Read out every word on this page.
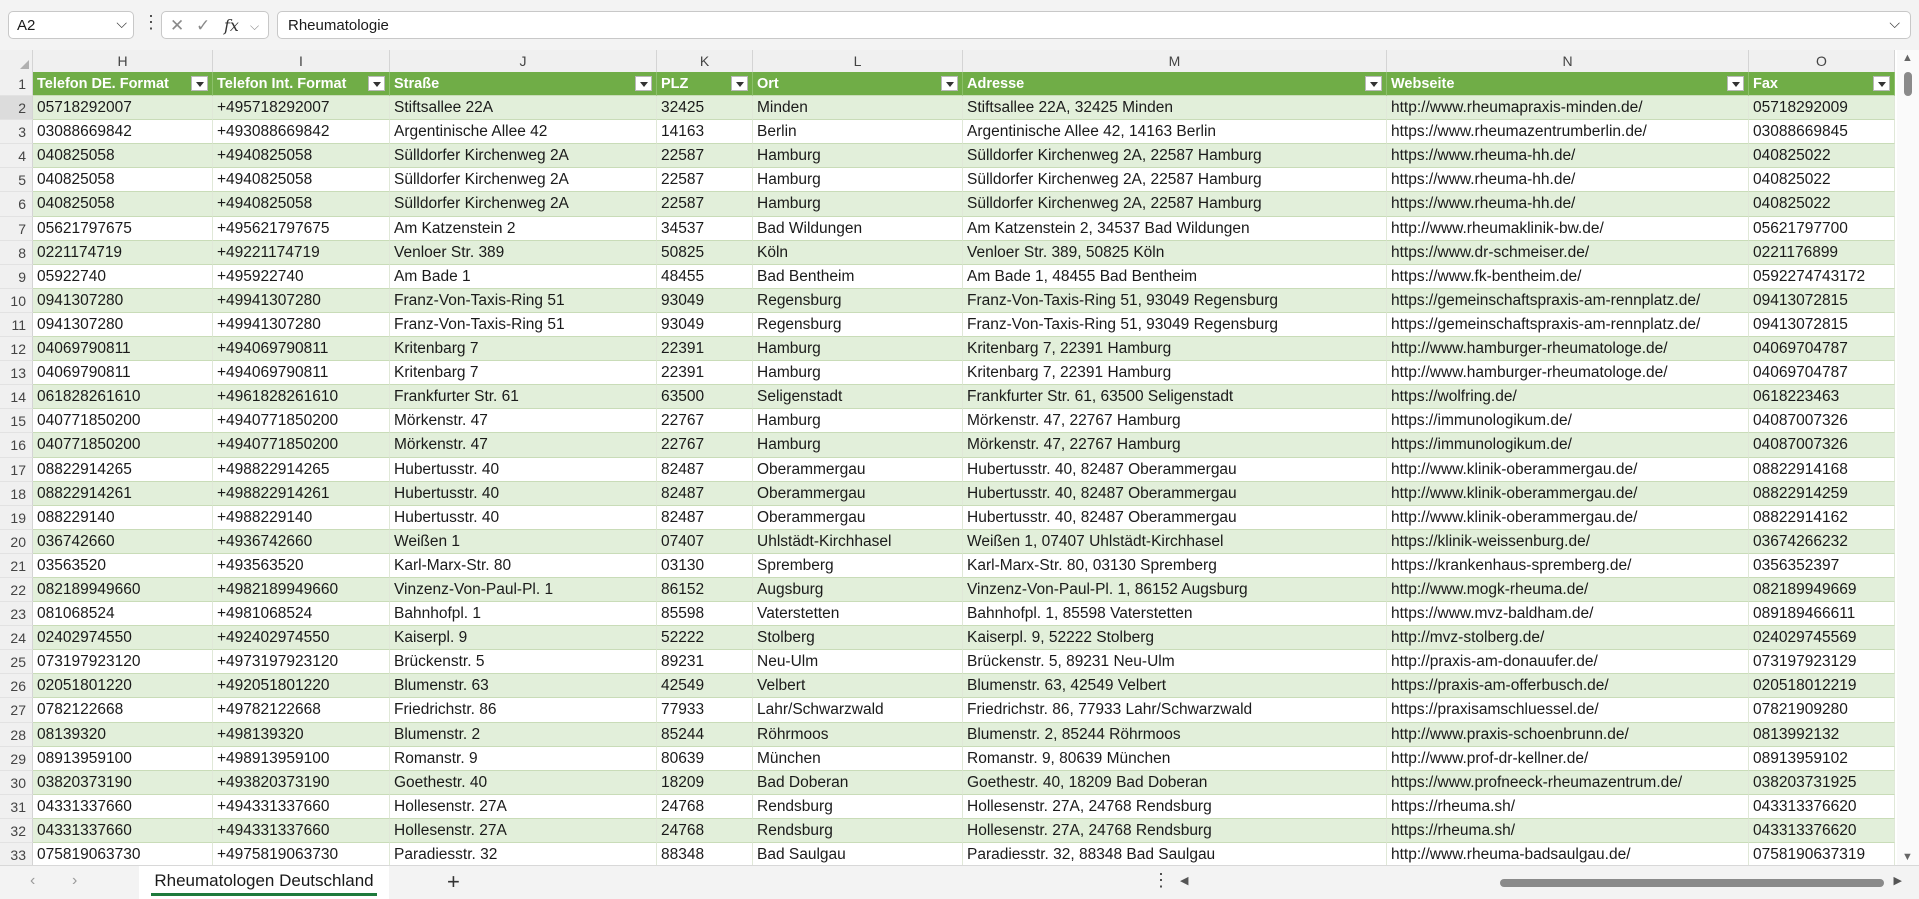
A2	⌵ ⋮ ✕ ✓ fx ⌵ Rheumatologie	⌵
H	I	J	K	L	M	N	O
1 Telefon DE. Format	Telefon Int. Format	Straße	PLZ	Ort	Adresse	Webseite	Fax
2 05718292007	+495718292007	Stiftsallee 22A	32425	Minden	Stiftsallee 22A, 32425 Minden	http://www.rheumapraxis-minden.de/	05718292009
3 03088669842	+493088669842	Argentinische Allee 42	14163	Berlin	Argentinische Allee 42, 14163 Berlin	https://www.rheumazentrumberlin.de/	03088669845
4 040825058	+4940825058	Sülldorfer Kirchenweg 2A	22587	Hamburg	Sülldorfer Kirchenweg 2A, 22587 Hamburg	https://www.rheuma-hh.de/	040825022
5 040825058	+4940825058	Sülldorfer Kirchenweg 2A	22587	Hamburg	Sülldorfer Kirchenweg 2A, 22587 Hamburg	https://www.rheuma-hh.de/	040825022
6 040825058	+4940825058	Sülldorfer Kirchenweg 2A	22587	Hamburg	Sülldorfer Kirchenweg 2A, 22587 Hamburg	https://www.rheuma-hh.de/	040825022
7 05621797675	+495621797675	Am Katzenstein 2	34537	Bad Wildungen	Am Katzenstein 2, 34537 Bad Wildungen	http://www.rheumaklinik-bw.de/	05621797700
8 0221174719	+49221174719	Venloer Str. 389	50825	Köln	Venloer Str. 389, 50825 Köln	https://www.dr-schmeiser.de/	0221176899
9 05922740	+495922740	Am Bade 1	48455	Bad Bentheim	Am Bade 1, 48455 Bad Bentheim	https://www.fk-bentheim.de/	0592274743172
10 0941307280	+49941307280	Franz-Von-Taxis-Ring 51	93049	Regensburg	Franz-Von-Taxis-Ring 51, 93049 Regensburg	https://gemeinschaftspraxis-am-rennplatz.de/	09413072815
11 0941307280	+49941307280	Franz-Von-Taxis-Ring 51	93049	Regensburg	Franz-Von-Taxis-Ring 51, 93049 Regensburg	https://gemeinschaftspraxis-am-rennplatz.de/	09413072815
12 04069790811	+494069790811	Kritenbarg 7	22391	Hamburg	Kritenbarg 7, 22391 Hamburg	http://www.hamburger-rheumatologe.de/	04069704787
13 04069790811	+494069790811	Kritenbarg 7	22391	Hamburg	Kritenbarg 7, 22391 Hamburg	http://www.hamburger-rheumatologe.de/	04069704787
14 061828261610	+4961828261610	Frankfurter Str. 61	63500	Seligenstadt	Frankfurter Str. 61, 63500 Seligenstadt	https://wolfring.de/	0618223463
15 040771850200	+4940771850200	Mörkenstr. 47	22767	Hamburg	Mörkenstr. 47, 22767 Hamburg	https://immunologikum.de/	04087007326
16 040771850200	+4940771850200	Mörkenstr. 47	22767	Hamburg	Mörkenstr. 47, 22767 Hamburg	https://immunologikum.de/	04087007326
17 08822914265	+498822914265	Hubertusstr. 40	82487	Oberammergau	Hubertusstr. 40, 82487 Oberammergau	http://www.klinik-oberammergau.de/	08822914168
18 08822914261	+498822914261	Hubertusstr. 40	82487	Oberammergau	Hubertusstr. 40, 82487 Oberammergau	http://www.klinik-oberammergau.de/	08822914259
19 088229140	+4988229140	Hubertusstr. 40	82487	Oberammergau	Hubertusstr. 40, 82487 Oberammergau	http://www.klinik-oberammergau.de/	08822914162
20 036742660	+4936742660	Weißen 1	07407	Uhlstädt-Kirchhasel	Weißen 1, 07407 Uhlstädt-Kirchhasel	https://klinik-weissenburg.de/	03674266232
21 03563520	+493563520	Karl-Marx-Str. 80	03130	Spremberg	Karl-Marx-Str. 80, 03130 Spremberg	https://krankenhaus-spremberg.de/	0356352397
22 082189949660	+4982189949660	Vinzenz-Von-Paul-Pl. 1	86152	Augsburg	Vinzenz-Von-Paul-Pl. 1, 86152 Augsburg	http://www.mogk-rheuma.de/	082189949669
23 081068524	+4981068524	Bahnhofpl. 1	85598	Vaterstetten	Bahnhofpl. 1, 85598 Vaterstetten	https://www.mvz-baldham.de/	089189466611
24 02402974550	+492402974550	Kaiserpl. 9	52222	Stolberg	Kaiserpl. 9, 52222 Stolberg	http://mvz-stolberg.de/	024029745569
25 073197923120	+4973197923120	Brückenstr. 5	89231	Neu-Ulm	Brückenstr. 5, 89231 Neu-Ulm	http://praxis-am-donauufer.de/	073197923129
26 02051801220	+492051801220	Blumenstr. 63	42549	Velbert	Blumenstr. 63, 42549 Velbert	https://praxis-am-offerbusch.de/	020518012219
27 0782122668	+49782122668	Friedrichstr. 86	77933	Lahr/Schwarzwald	Friedrichstr. 86, 77933 Lahr/Schwarzwald	https://praxisamschluessel.de/	07821909280
28 08139320	+498139320	Blumenstr. 2	85244	Röhrmoos	Blumenstr. 2, 85244 Röhrmoos	http://www.praxis-schoenbrunn.de/	0813992132
29 08913959100	+498913959100	Romanstr. 9	80639	München	Romanstr. 9, 80639 München	http://www.prof-dr-kellner.de/	08913959102
30 03820373190	+493820373190	Goethestr. 40	18209	Bad Doberan	Goethestr. 40, 18209 Bad Doberan	https://www.profneeck-rheumazentrum.de/	038203731925
31 04331337660	+494331337660	Hollesenstr. 27A	24768	Rendsburg	Hollesenstr. 27A, 24768 Rendsburg	https://rheuma.sh/	043313376620
32 04331337660	+494331337660	Hollesenstr. 27A	24768	Rendsburg	Hollesenstr. 27A, 24768 Rendsburg	https://rheuma.sh/	043313376620
33 075819063730	+4975819063730	Paradiesstr. 32	88348	Bad Saulgau	Paradiesstr. 32, 88348 Bad Saulgau	http://www.rheuma-badsaulgau.de/	0758190637319
▲
▼
‹ ›	Rheumatologen Deutschland	+	⋮ ◀	▶
